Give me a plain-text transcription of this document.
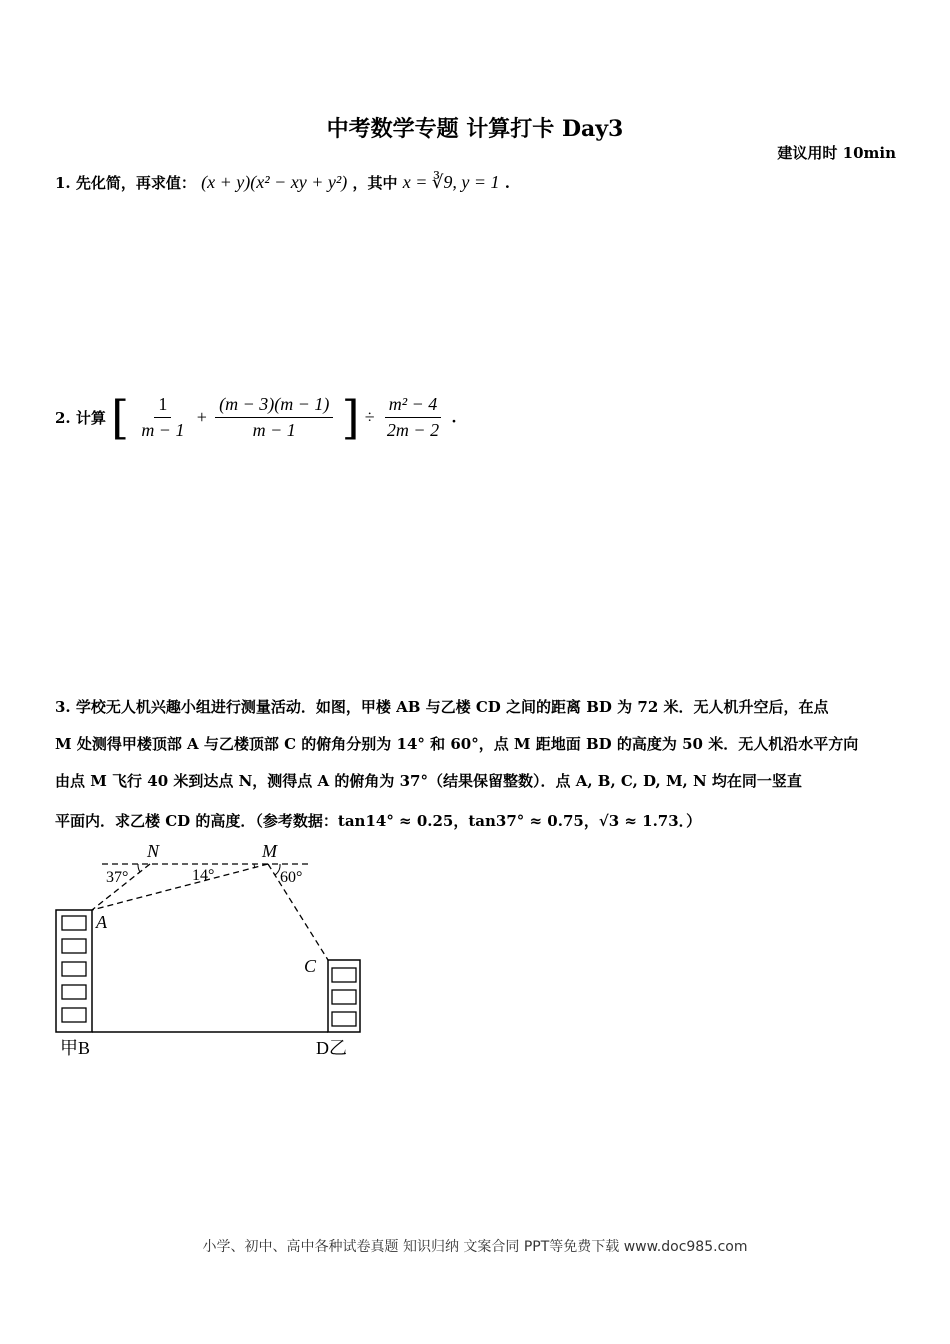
中考数学专题 计算打卡 Day3
建议用时 10min
1. 先化简，再求值： (x + y)(x² − xy + y²) ，其中 x = ∛9, y = 1 .
2. 计算 [ $\frac{1}{m - 1} + \frac{(m - 3)(m - 1)}{m - 1}$ ] ÷ $\frac{\text{m² − 4}}{2m - 2}$ .
3. 学校无人机兴趣小组进行测量活动．如图，甲楼 AB 与乙楼 CD 之间的距离 BD 为 72 米．无人机升空后，在点
M 处测得甲楼顶部 A 与乙楼顶部 C 的俯角分别为 14° 和 60°，点 M 距地面 BD 的高度为 50 米．无人机沿水平方向
由点 M 飞行 40 米到达点 N，测得点 A 的俯角为 37°（结果保留整数）．点 A, B, C, D, M, N 均在同一竖直
平面内．求乙楼 CD 的高度．（参考数据：tan14° ≈ 0.25，tan37° ≈ 0.75，√3 ≈ 1.73．）
N	M
A
C
甲B	D乙
37°	14°	60°
小学、初中、高中各种试卷真题 知识归纳 文案合同 PPT等免费下载 www.doc985.com
